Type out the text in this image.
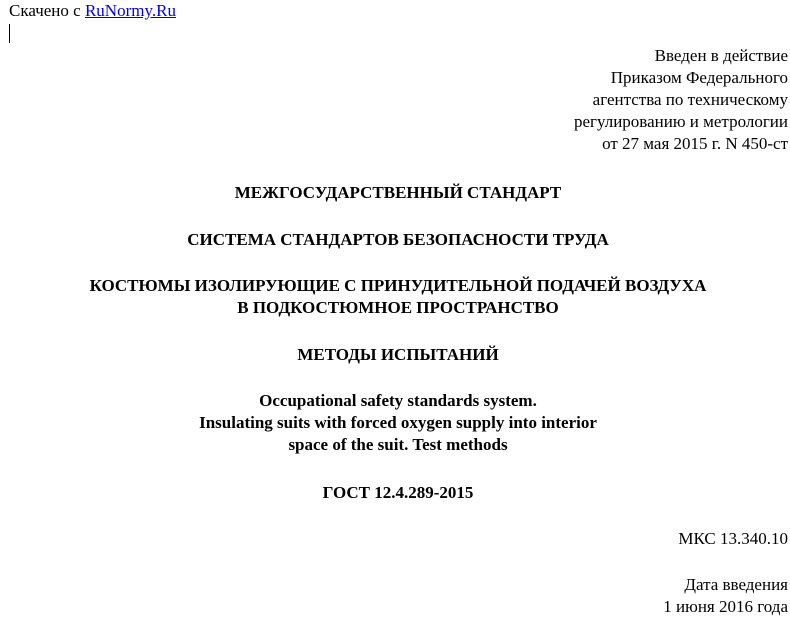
Скачено с RuNormy.Ru
Введен в действие
Приказом Федерального
агентства по техническому
регулированию и метрологии
от 27 мая 2015 г. N 450-ст
МЕЖГОСУДАРСТВЕННЫЙ СТАНДАРТ
СИСТЕМА СТАНДАРТОВ БЕЗОПАСНОСТИ ТРУДА
КОСТЮМЫ ИЗОЛИРУЮЩИЕ С ПРИНУДИТЕЛЬНОЙ ПОДАЧЕЙ ВОЗДУХА
В ПОДКОСТЮМНОЕ ПРОСТРАНСТВО
МЕТОДЫ ИСПЫТАНИЙ
Occupational safety standards system.
Insulating suits with forced oxygen supply into interior
space of the suit. Test methods
ГОСТ 12.4.289-2015
МКС 13.340.10
Дата введения
1 июня 2016 года
